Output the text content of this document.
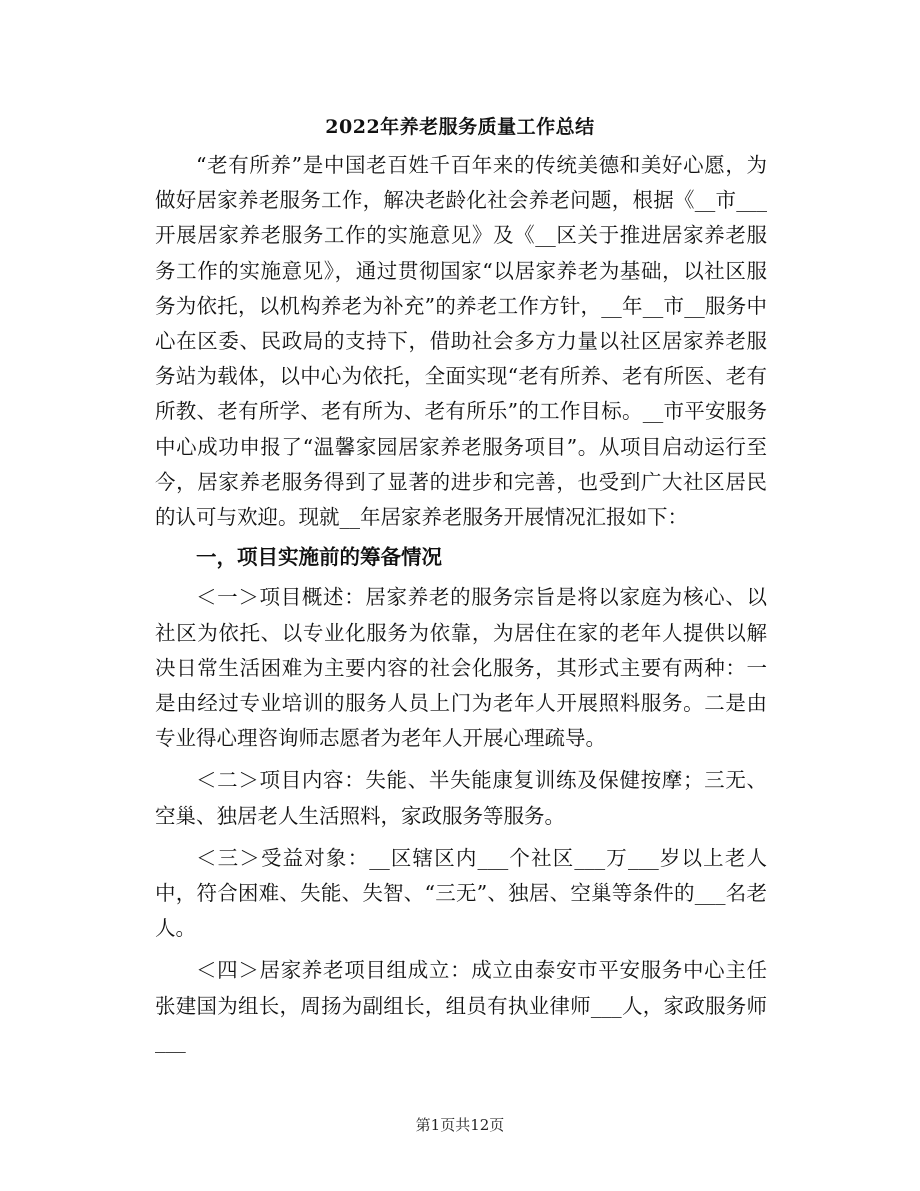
2022年养老服务质量工作总结

“老有所养”是中国老百姓千百年来的传统美德和美好心愿，为做好居家养老服务工作，解决老龄化社会养老问题，根据《__市___开展居家养老服务工作的实施意见》及《__区关于推进居家养老服务工作的实施意见》，通过贯彻国家“以居家养老为基础，以社区服务为依托，以机构养老为补充”的养老工作方针，__年__市__服务中心在区委、民政局的支持下，借助社会多方力量以社区居家养老服务站为载体，以中心为依托，全面实现“老有所养、老有所医、老有所教、老有所学、老有所为、老有所乐”的工作目标。__市平安服务中心成功申报了“温馨家园居家养老服务项目”。从项目启动运行至今，居家养老服务得到了显著的进步和完善，也受到广大社区居民的认可与欢迎。现就__年居家养老服务开展情况汇报如下：

一，项目实施前的筹备情况

＜一＞项目概述：居家养老的服务宗旨是将以家庭为核心、以社区为依托、以专业化服务为依靠，为居住在家的老年人提供以解决日常生活困难为主要内容的社会化服务，其形式主要有两种：一是由经过专业培训的服务人员上门为老年人开展照料服务。二是由专业得心理咨询师志愿者为老年人开展心理疏导。

＜二＞项目内容：失能、半失能康复训练及保健按摩；三无、空巢、独居老人生活照料，家政服务等服务。

＜三＞受益对象：__区辖区内___个社区___万___岁以上老人中，符合困难、失能、失智、“三无”、独居、空巢等条件的___名老人。

＜四＞居家养老项目组成立：成立由泰安市平安服务中心主任张建国为组长，周扬为副组长，组员有执业律师___人，家政服务师___

第1页共12页
